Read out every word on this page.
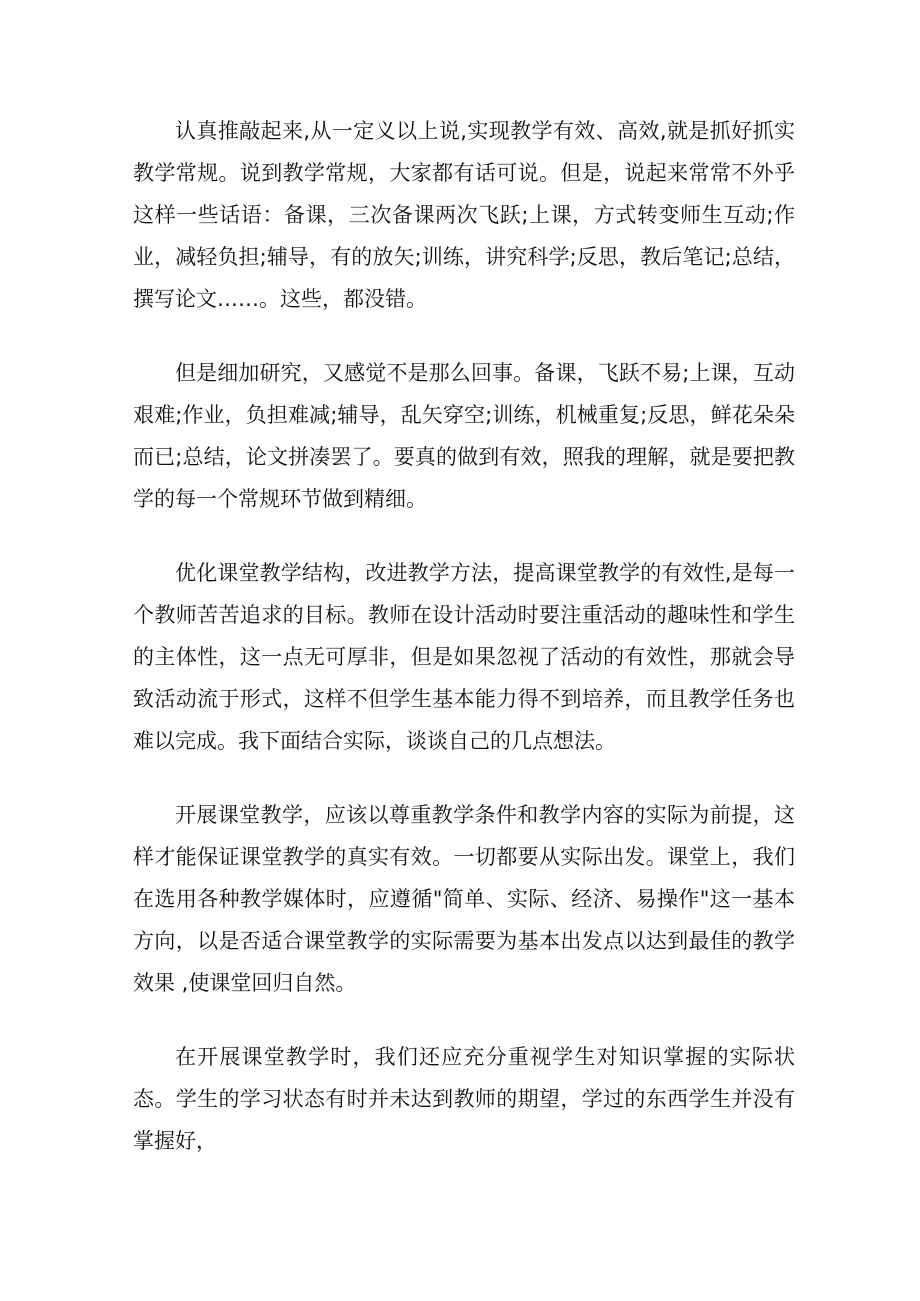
认真推敲起来,从一定义以上说,实现教学有效、高效,就是抓好抓实教学常规。说到教学常规，大家都有话可说。但是，说起来常常不外乎这样一些话语：备课，三次备课两次飞跃;上课，方式转变师生互动;作业，减轻负担;辅导，有的放矢;训练，讲究科学;反思，教后笔记;总结，撰写论文……。这些，都没错。

但是细加研究，又感觉不是那么回事。备课，飞跃不易;上课，互动艰难;作业，负担难减;辅导，乱矢穿空;训练，机械重复;反思，鲜花朵朵而已;总结，论文拼凑罢了。要真的做到有效，照我的理解，就是要把教学的每一个常规环节做到精细。

优化课堂教学结构，改进教学方法，提高课堂教学的有效性,是每一个教师苦苦追求的目标。教师在设计活动时要注重活动的趣味性和学生的主体性，这一点无可厚非，但是如果忽视了活动的有效性，那就会导致活动流于形式，这样不但学生基本能力得不到培养，而且教学任务也难以完成。我下面结合实际，谈谈自己的几点想法。

开展课堂教学，应该以尊重教学条件和教学内容的实际为前提，这样才能保证课堂教学的真实有效。一切都要从实际出发。课堂上，我们在选用各种教学媒体时，应遵循"简单、实际、经济、易操作"这一基本方向，以是否适合课堂教学的实际需要为基本出发点以达到最佳的教学效果 ,使课堂回归自然。

在开展课堂教学时，我们还应充分重视学生对知识掌握的实际状态。学生的学习状态有时并未达到教师的期望，学过的东西学生并没有掌握好，
